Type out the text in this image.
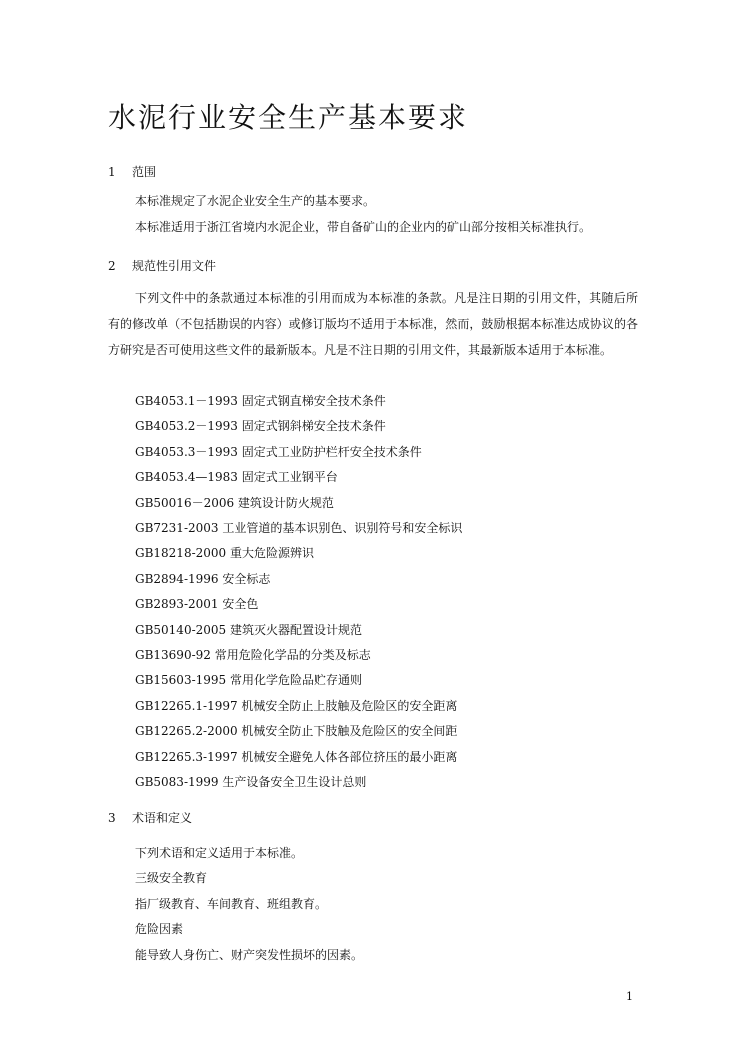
水泥行业安全生产基本要求
1 范围
本标准规定了水泥企业安全生产的基本要求。
本标准适用于浙江省境内水泥企业，带自备矿山的企业内的矿山部分按相关标准执行。
2 规范性引用文件

下列文件中的条款通过本标准的引用而成为本标准的条款。凡是注日期的引用文件，其随后所有的修改单（不包括勘误的内容）或修订版均不适用于本标准，然而，鼓励根据本标准达成协议的各方研究是否可使用这些文件的最新版本。凡是不注日期的引用文件，其最新版本适用于本标准。

GB4053.1－1993 固定式钢直梯安全技术条件
GB4053.2－1993 固定式钢斜梯安全技术条件
GB4053.3－1993 固定式工业防护栏杆安全技术条件
GB4053.4—1983 固定式工业钢平台
GB50016－2006 建筑设计防火规范
GB7231-2003 工业管道的基本识别色、识别符号和安全标识
GB18218-2000 重大危险源辨识
GB2894-1996 安全标志
GB2893-2001 安全色
GB50140-2005 建筑灭火器配置设计规范
GB13690-92 常用危险化学品的分类及标志
GB15603-1995 常用化学危险品贮存通则
GB12265.1-1997 机械安全防止上肢触及危险区的安全距离
GB12265.2-2000 机械安全防止下肢触及危险区的安全间距
GB12265.3-1997 机械安全避免人体各部位挤压的最小距离
GB5083-1999 生产设备安全卫生设计总则
3 术语和定义
下列术语和定义适用于本标准。
三级安全教育
指厂级教育、车间教育、班组教育。
危险因素
能导致人身伤亡、财产突发性损坏的因素。
1
